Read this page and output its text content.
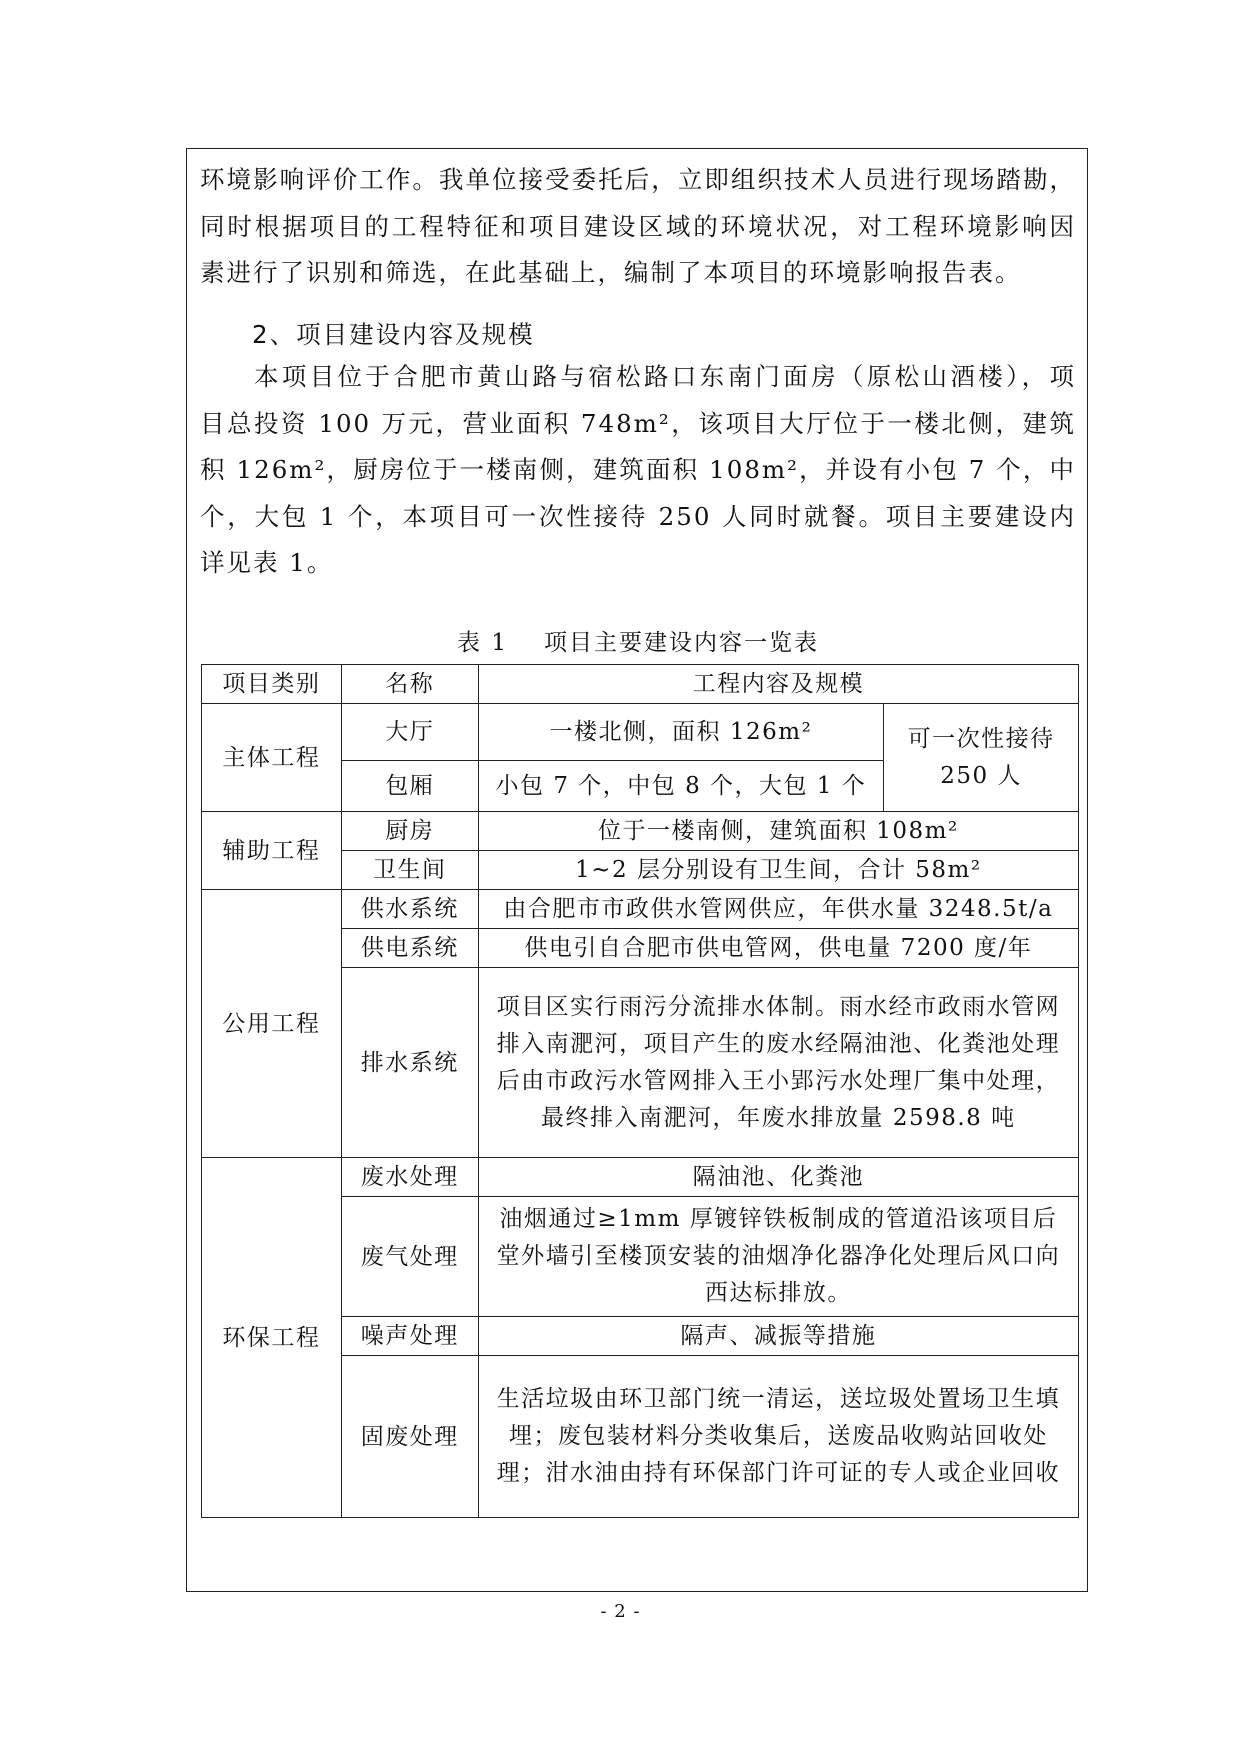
环境影响评价工作。我单位接受委托后，立即组织技术人员进行现场踏勘，
同时根据项目的工程特征和项目建设区域的环境状况，对工程环境影响因
素进行了识别和筛选，在此基础上，编制了本项目的环境影响报告表。
2、项目建设内容及规模
本项目位于合肥市黄山路与宿松路口东南门面房（原松山酒楼），项
目总投资 100 万元，营业面积 748m²，该项目大厅位于一楼北侧，建筑
积 126m²，厨房位于一楼南侧，建筑面积 108m²，并设有小包 7 个，中
个，大包 1 个，本项目可一次性接待 250 人同时就餐。项目主要建设内
详见表 1。
表 1 项目主要建设内容一览表
项目类别	名称	工程内容及规模	
主体工程	大厅	一楼北侧，面积 126m²	可一次性接待 250 人
	包厢	小包 7 个，中包 8 个，大包 1 个	
辅助工程	厨房	位于一楼南侧，建筑面积 108m²	
	卫生间	1~2 层分别设有卫生间，合计 58m²	
公用工程	供水系统	由合肥市市政供水管网供应，年供水量 3248.5t/a	
	供电系统	供电引自合肥市供电管网，供电量 7200 度/年	
	排水系统	项目区实行雨污分流排水体制。雨水经市政雨水管网排入南淝河，项目产生的废水经隔油池、化粪池处理后由市政污水管网排入王小郢污水处理厂集中处理，最终排入南淝河，年废水排放量 2598.8 吨	
环保工程	废水处理	隔油池、化粪池	
	废气处理	油烟通过≥1mm 厚镀锌铁板制成的管道沿该项目后堂外墙引至楼顶安装的油烟净化器净化处理后风口向西达标排放。	
	噪声处理	隔声、减振等措施	
	固废处理	生活垃圾由环卫部门统一清运，送垃圾处置场卫生填埋；废包装材料分类收集后，送废品收购站回收处理；泔水油由持有环保部门许可证的专人或企业回收	
- 2 -
